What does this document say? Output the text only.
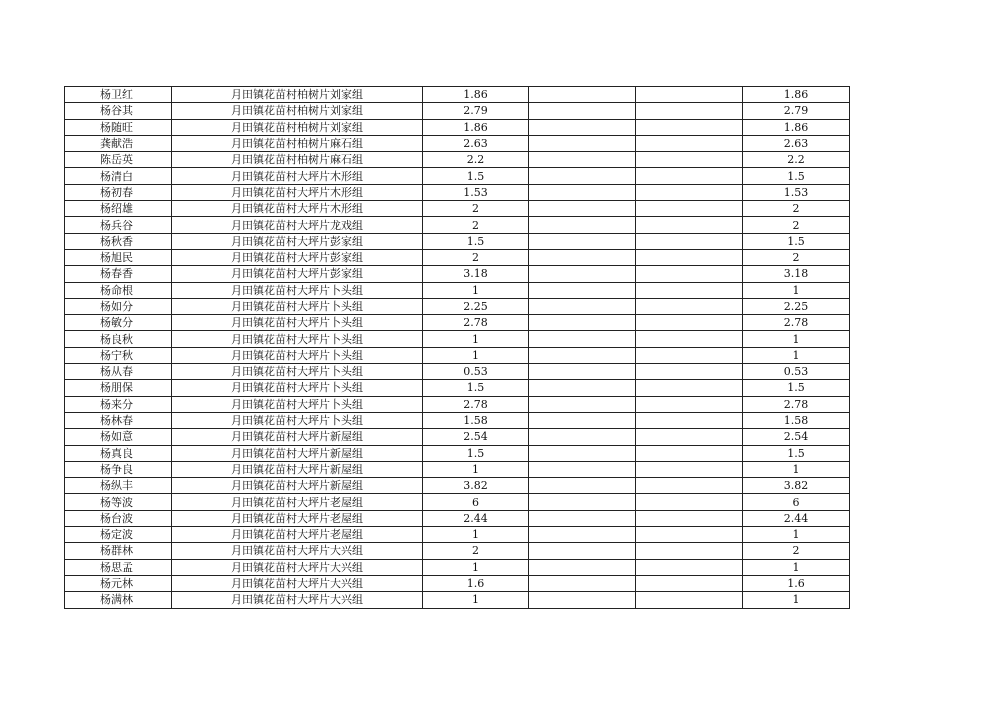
杨卫红	月田镇花苗村柏树片刘家组	1.86			1.86
杨谷其	月田镇花苗村柏树片刘家组	2.79			2.79
杨随旺	月田镇花苗村柏树片刘家组	1.86			1.86
龚献浩	月田镇花苗村柏树片麻石组	2.63			2.63
陈岳英	月田镇花苗村柏树片麻石组	2.2			2.2
杨清白	月田镇花苗村大坪片木形组	1.5			1.5
杨初春	月田镇花苗村大坪片木形组	1.53			1.53
杨绍雄	月田镇花苗村大坪片木形组	2			2
杨兵谷	月田镇花苗村大坪片龙戏组	2			2
杨秋香	月田镇花苗村大坪片彭家组	1.5			1.5
杨旭民	月田镇花苗村大坪片彭家组	2			2
杨春香	月田镇花苗村大坪片彭家组	3.18			3.18
杨命根	月田镇花苗村大坪片卜头组	1			1
杨如分	月田镇花苗村大坪片卜头组	2.25			2.25
杨敏分	月田镇花苗村大坪片卜头组	2.78			2.78
杨良秋	月田镇花苗村大坪片卜头组	1			1
杨宁秋	月田镇花苗村大坪片卜头组	1			1
杨从春	月田镇花苗村大坪片卜头组	0.53			0.53
杨朋保	月田镇花苗村大坪片卜头组	1.5			1.5
杨来分	月田镇花苗村大坪片卜头组	2.78			2.78
杨林春	月田镇花苗村大坪片卜头组	1.58			1.58
杨如意	月田镇花苗村大坪片新屋组	2.54			2.54
杨真良	月田镇花苗村大坪片新屋组	1.5			1.5
杨争良	月田镇花苗村大坪片新屋组	1			1
杨纵丰	月田镇花苗村大坪片新屋组	3.82			3.82
杨等波	月田镇花苗村大坪片老屋组	6			6
杨台波	月田镇花苗村大坪片老屋组	2.44			2.44
杨定波	月田镇花苗村大坪片老屋组	1			1
杨群林	月田镇花苗村大坪片大兴组	2			2
杨思孟	月田镇花苗村大坪片大兴组	1			1
杨元林	月田镇花苗村大坪片大兴组	1.6			1.6
杨满林	月田镇花苗村大坪片大兴组	1			1
